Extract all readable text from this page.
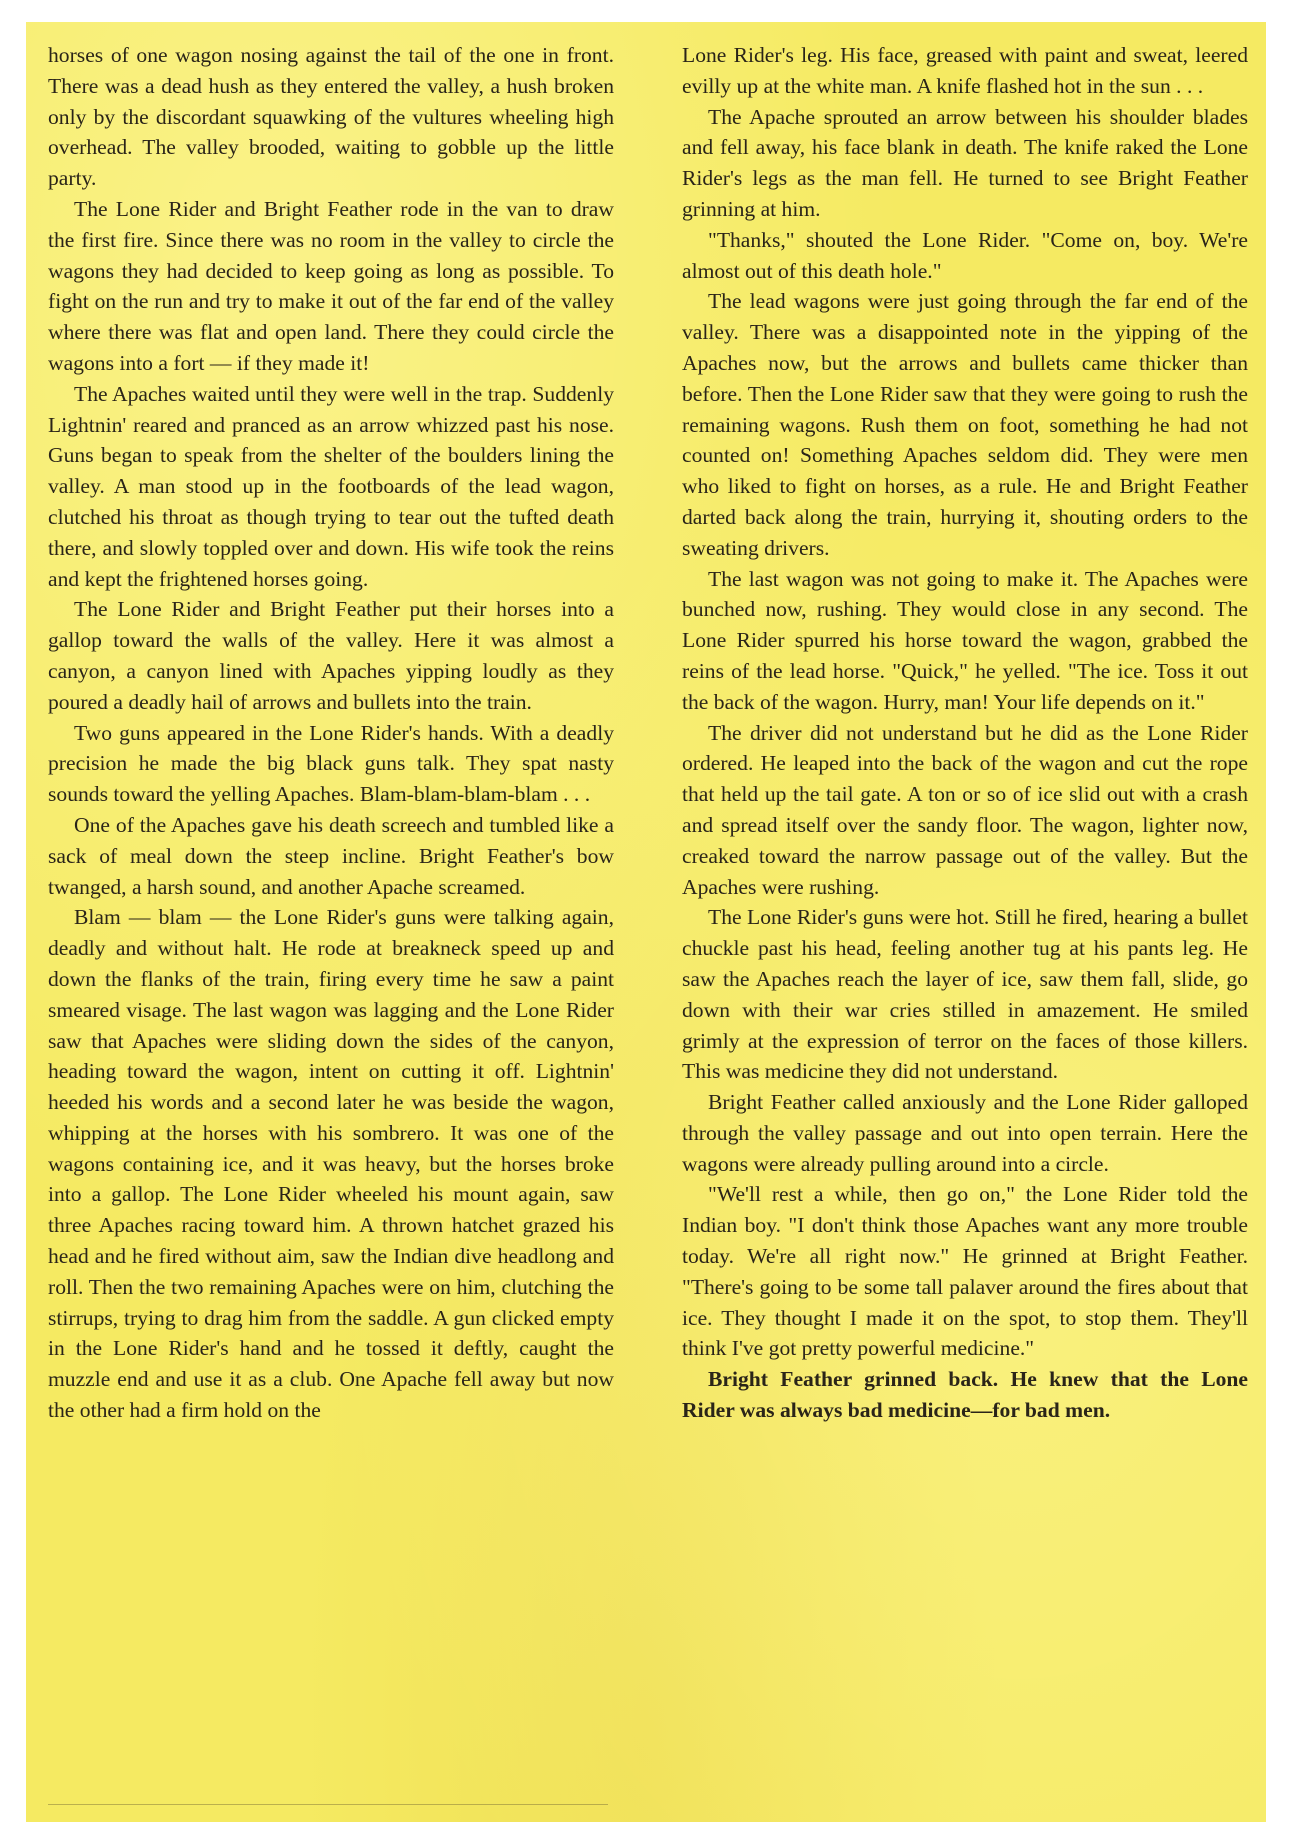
horses of one wagon nosing against the tail of the one in front. There was a dead hush as they entered the valley, a hush broken only by the discordant squawking of the vultures wheeling high overhead. The valley brooded, waiting to gobble up the little party.

The Lone Rider and Bright Feather rode in the van to draw the first fire. Since there was no room in the valley to circle the wagons they had decided to keep going as long as possible. To fight on the run and try to make it out of the far end of the valley where there was flat and open land. There they could circle the wagons into a fort — if they made it!

The Apaches waited until they were well in the trap. Suddenly Lightnin' reared and pranced as an arrow whizzed past his nose. Guns began to speak from the shelter of the boulders lining the valley. A man stood up in the footboards of the lead wagon, clutched his throat as though trying to tear out the tufted death there, and slowly toppled over and down. His wife took the reins and kept the frightened horses going.

The Lone Rider and Bright Feather put their horses into a gallop toward the walls of the valley. Here it was almost a canyon, a canyon lined with Apaches yipping loudly as they poured a deadly hail of arrows and bullets into the train.

Two guns appeared in the Lone Rider's hands. With a deadly precision he made the big black guns talk. They spat nasty sounds toward the yelling Apaches. Blam-blam-blam-blam . . .

One of the Apaches gave his death screech and tumbled like a sack of meal down the steep incline. Bright Feather's bow twanged, a harsh sound, and another Apache screamed.

Blam — blam — the Lone Rider's guns were talking again, deadly and without halt. He rode at breakneck speed up and down the flanks of the train, firing every time he saw a paint smeared visage. The last wagon was lagging and the Lone Rider saw that Apaches were sliding down the sides of the canyon, heading toward the wagon, intent on cutting it off. Lightnin' heeded his words and a second later he was beside the wagon, whipping at the horses with his sombrero. It was one of the wagons containing ice, and it was heavy, but the horses broke into a gallop. The Lone Rider wheeled his mount again, saw three Apaches racing toward him. A thrown hatchet grazed his head and he fired without aim, saw the Indian dive headlong and roll. Then the two remaining Apaches were on him, clutching the stirrups, trying to drag him from the saddle. A gun clicked empty in the Lone Rider's hand and he tossed it deftly, caught the muzzle end and use it as a club. One Apache fell away but now the other had a firm hold on the

Lone Rider's leg. His face, greased with paint and sweat, leered evilly up at the white man. A knife flashed hot in the sun . . .

The Apache sprouted an arrow between his shoulder blades and fell away, his face blank in death. The knife raked the Lone Rider's legs as the man fell. He turned to see Bright Feather grinning at him.

"Thanks," shouted the Lone Rider. "Come on, boy. We're almost out of this death hole."

The lead wagons were just going through the far end of the valley. There was a disappointed note in the yipping of the Apaches now, but the arrows and bullets came thicker than before. Then the Lone Rider saw that they were going to rush the remaining wagons. Rush them on foot, something he had not counted on! Something Apaches seldom did. They were men who liked to fight on horses, as a rule. He and Bright Feather darted back along the train, hurrying it, shouting orders to the sweating drivers.

The last wagon was not going to make it. The Apaches were bunched now, rushing. They would close in any second. The Lone Rider spurred his horse toward the wagon, grabbed the reins of the lead horse. "Quick," he yelled. "The ice. Toss it out the back of the wagon. Hurry, man! Your life depends on it."

The driver did not understand but he did as the Lone Rider ordered. He leaped into the back of the wagon and cut the rope that held up the tail gate. A ton or so of ice slid out with a crash and spread itself over the sandy floor. The wagon, lighter now, creaked toward the narrow passage out of the valley. But the Apaches were rushing.

The Lone Rider's guns were hot. Still he fired, hearing a bullet chuckle past his head, feeling another tug at his pants leg. He saw the Apaches reach the layer of ice, saw them fall, slide, go down with their war cries stilled in amazement. He smiled grimly at the expression of terror on the faces of those killers. This was medicine they did not understand.

Bright Feather called anxiously and the Lone Rider galloped through the valley passage and out into open terrain. Here the wagons were already pulling around into a circle.

"We'll rest a while, then go on," the Lone Rider told the Indian boy. "I don't think those Apaches want any more trouble today. We're all right now." He grinned at Bright Feather. "There's going to be some tall palaver around the fires about that ice. They thought I made it on the spot, to stop them. They'll think I've got pretty powerful medicine."

Bright Feather grinned back. He knew that the Lone Rider was always bad medicine—for bad men.
